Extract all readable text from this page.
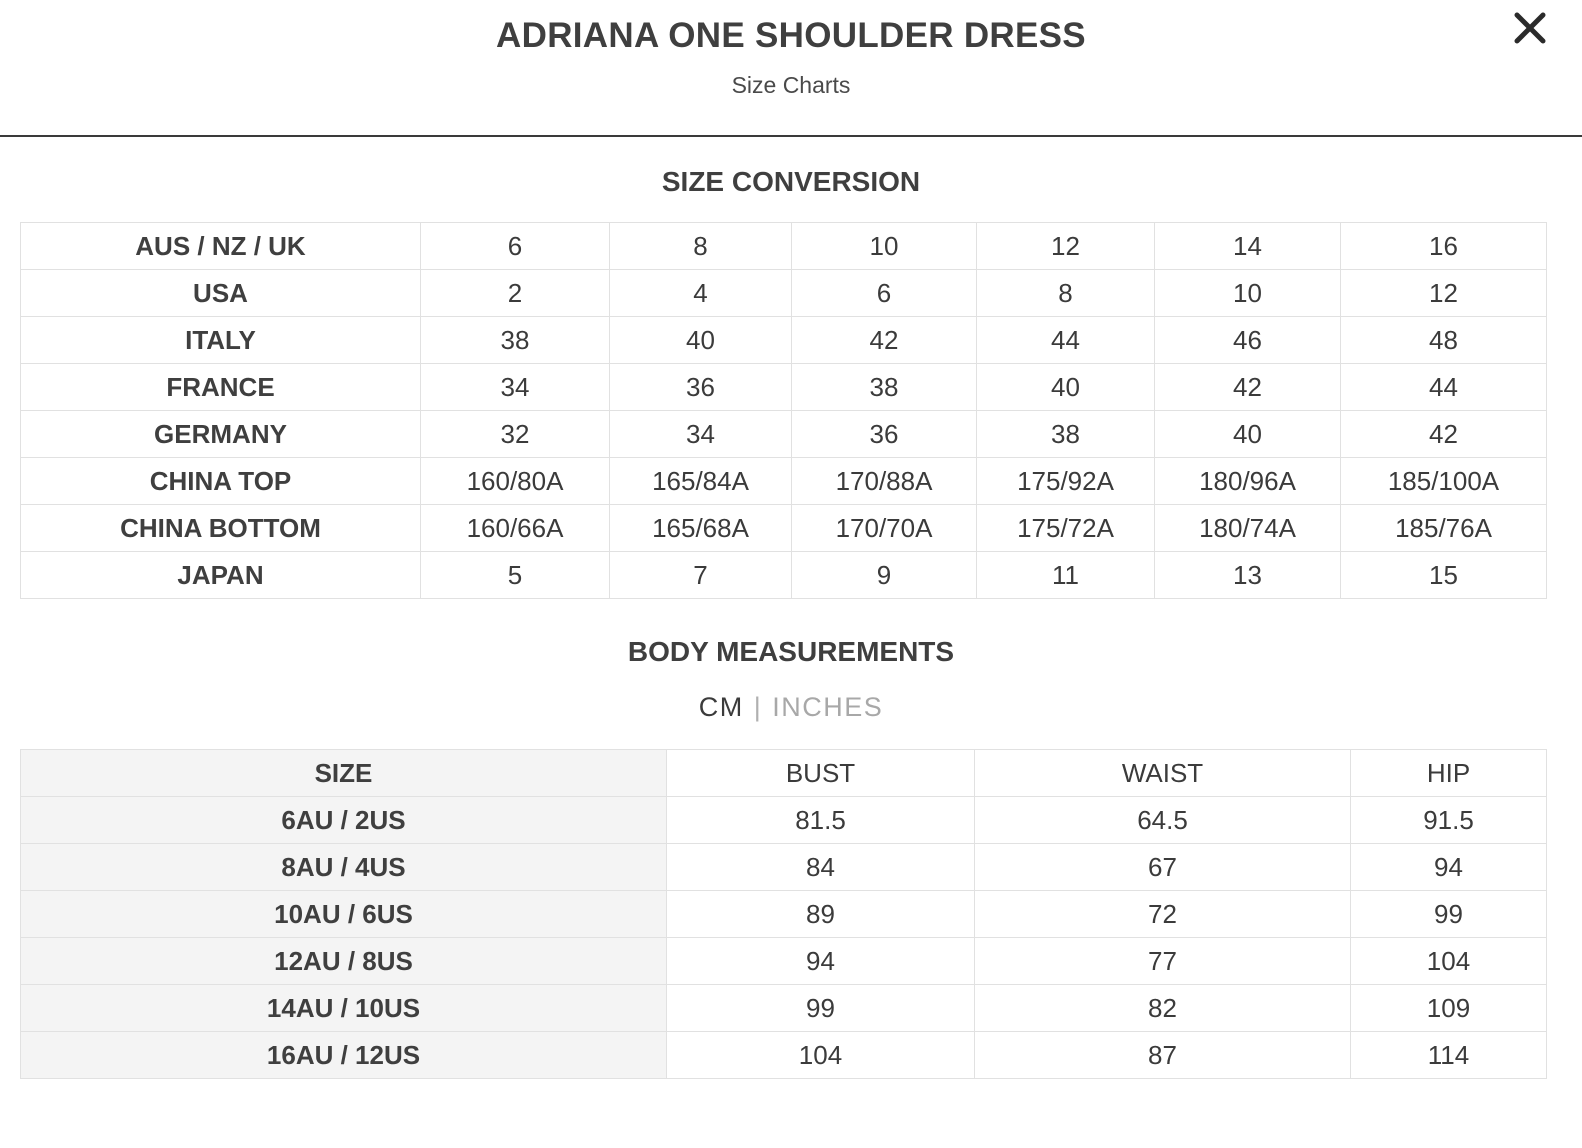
ADRIANA ONE SHOULDER DRESS
Size Charts
SIZE CONVERSION
AUS / NZ / UK	6	8	10	12	14	16
USA	2	4	6	8	10	12
ITALY	38	40	42	44	46	48
FRANCE	34	36	38	40	42	44
GERMANY	32	34	36	38	40	42
CHINA TOP	160/80A	165/84A	170/88A	175/92A	180/96A	185/100A
CHINA BOTTOM	160/66A	165/68A	170/70A	175/72A	180/74A	185/76A
JAPAN	5	7	9	11	13	15
BODY MEASUREMENTS
CM | INCHES
SIZE	BUST	WAIST	HIP
6AU / 2US	81.5	64.5	91.5
8AU / 4US	84	67	94
10AU / 6US	89	72	99
12AU / 8US	94	77	104
14AU / 10US	99	82	109
16AU / 12US	104	87	114
